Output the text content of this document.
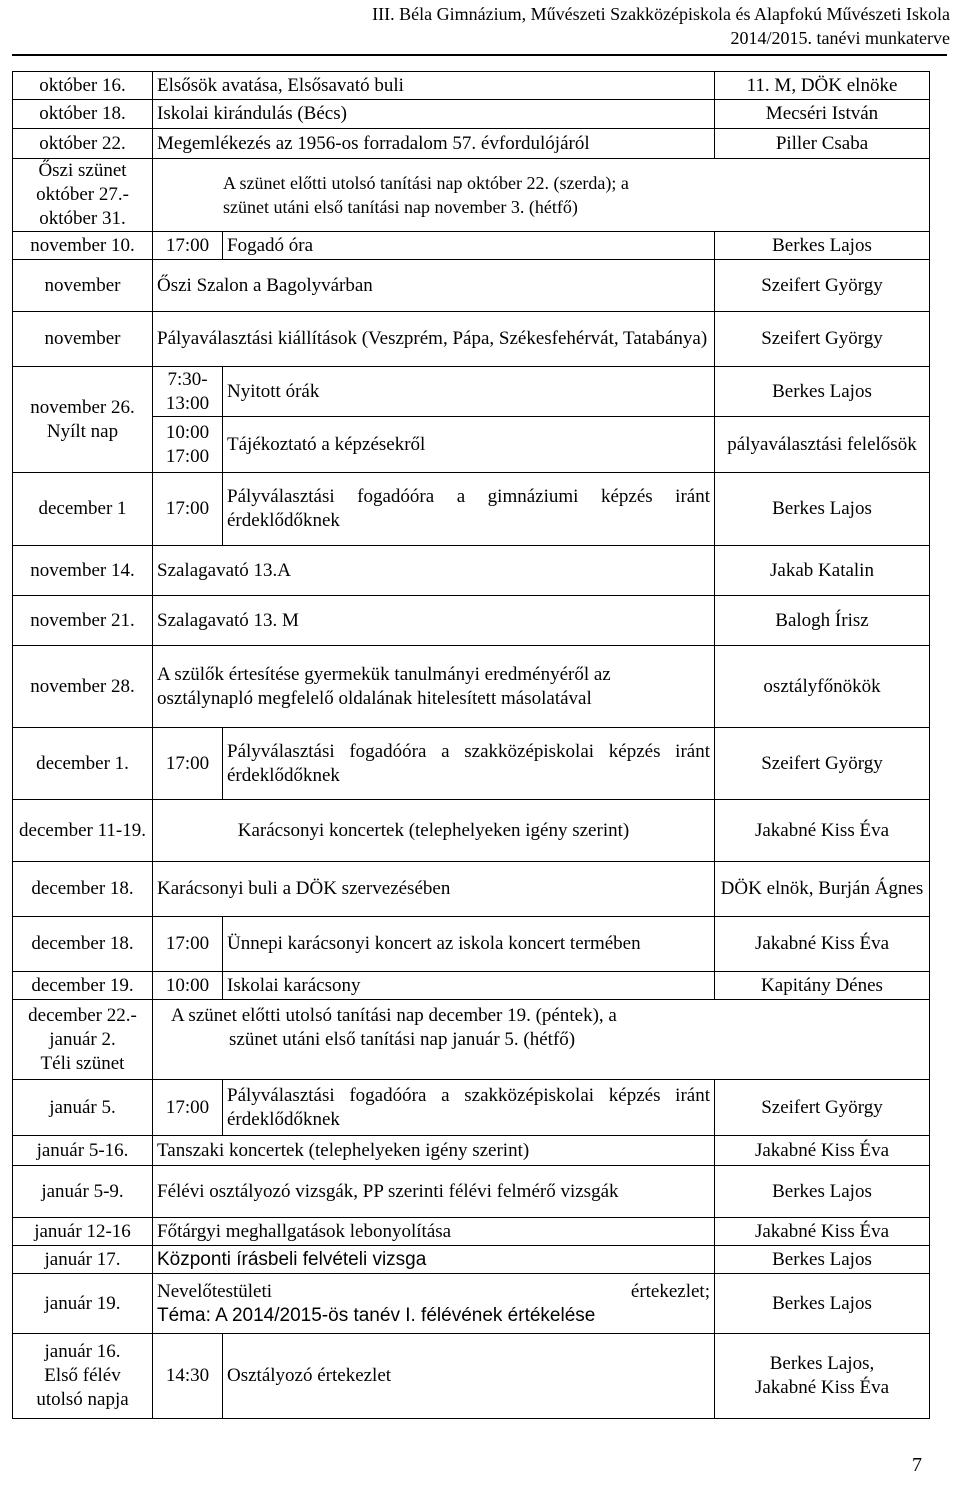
III. Béla Gimnázium, Művészeti Szakközépiskola és Alapfokú Művészeti Iskola
2014/2015. tanévi munkaterve
október 16.	Elsősök avatása, Elsősavató buli		11. M, DÖK elnöke
október 18.	Iskolai kirándulás (Bécs)		Mecséri István
október 22.	Megemlékezés az 1956-os forradalom 57. évfordulójáról		Piller Csaba

Őszi szünet
október 27.-
október 31.	A szünet előtti utolsó tanítási nap október 22. (szerda); a
szünet utáni első tanítási nap november 3. (hétfő)		

november 10.	17:00	Fogadó óra	Berkes Lajos
november	Őszi Szalon a Bagolyvárban		Szeifert György
november	Pályaválasztási kiállítások (Veszprém, Pápa, Székesfehérvát, Tatabánya)		Szeifert György

november 26.
Nyílt nap	7:30-13:00	Nyitott órák	Berkes Lajos
	10:00 17:00	Tájékoztató a képzésekről	pályaválasztási felelősök
december 1	17:00	Pályválasztási fogadóóra a gimnáziumi képzés iránt érdeklődőknek	Berkes Lajos
november 14.	Szalagavató 13.A		Jakab Katalin
november 21.	Szalagavató 13. M		Balogh Írisz
november 28.	A szülők értesítése gyermekük tanulmányi eredményéről az osztálynapló megfelelő oldalának hitelesített másolatával		osztályfőnökök
december 1.	17:00	Pályválasztási fogadóóra a szakközépiskolai képzés iránt érdeklődőknek	Szeifert György
december 11-19.	Karácsonyi koncertek (telephelyeken igény szerint)		Jakabné Kiss Éva
december 18.	Karácsonyi buli a DÖK szervezésében		DÖK elnök, Burján Ágnes
december 18.	17:00	Ünnepi karácsonyi koncert az iskola koncert termében	Jakabné Kiss Éva
december 19.	10:00	Iskolai karácsony	Kapitány Dénes

december 22.-
január 2.
Téli szünet	A szünet előtti utolsó tanítási nap december 19. (péntek), a
szünet utáni első tanítási nap január 5. (hétfő)		

január 5.	17:00	Pályválasztási fogadóóra a szakközépiskolai képzés iránt érdeklődőknek	Szeifert György
január 5-16.	Tanszaki koncertek (telephelyeken igény szerint)		Jakabné Kiss Éva
január 5-9.	Félévi osztályozó vizsgák, PP szerinti félévi felmérő vizsgák		Berkes Lajos
január 12-16	Főtárgyi meghallgatások lebonyolítása		Jakabné Kiss Éva
január 17.	Központi írásbeli felvételi vizsga		Berkes Lajos
január 19.	Nevelőtestületi értekezlet;
Téma: A 2014/2015-ös tanév I. félévének értékelése		Berkes Lajos

január 16.
Első félév
utolsó napja	14:30	Osztályozó értekezlet	Berkes Lajos,
Jakabné Kiss Éva
7
